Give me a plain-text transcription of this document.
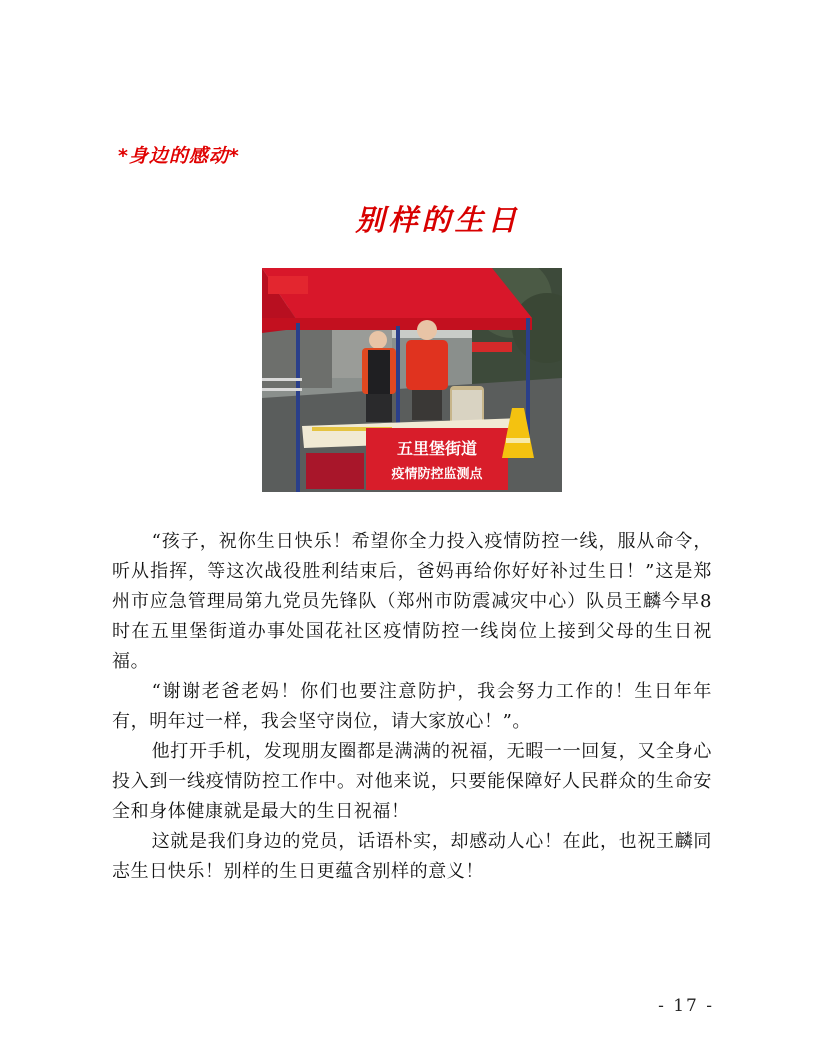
*身边的感动*
别样的生日
五里堡街道
疫情防控监测点

“孩子，祝你生日快乐！希望你全力投入疫情防控一线，服从命令，听从指挥，等这次战役胜利结束后，爸妈再给你好好补过生日！”这是郑州市应急管理局第九党员先锋队（郑州市防震减灾中心）队员王麟今早8时在五里堡街道办事处国花社区疫情防控一线岗位上接到父母的生日祝福。

“谢谢老爸老妈！你们也要注意防护，我会努力工作的！生日年年有，明年过一样，我会坚守岗位，请大家放心！”。

他打开手机，发现朋友圈都是满满的祝福，无暇一一回复，又全身心投入到一线疫情防控工作中。对他来说，只要能保障好人民群众的生命安全和身体健康就是最大的生日祝福！

这就是我们身边的党员，话语朴实，却感动人心！在此，也祝王麟同志生日快乐！别样的生日更蕴含别样的意义！

- 17 -
